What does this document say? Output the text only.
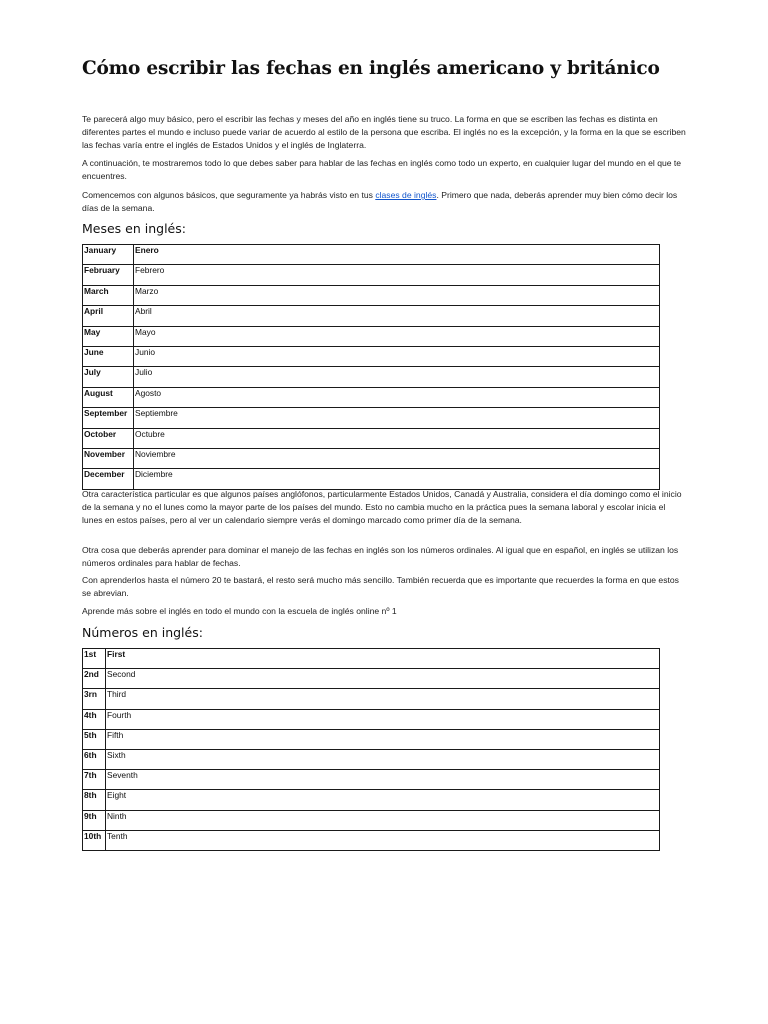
Cómo escribir las fechas en inglés americano y británico

Te parecerá algo muy básico, pero el escribir las fechas y meses del año en inglés tiene su truco. La forma en que se escriben las fechas es distinta en diferentes partes el mundo e incluso puede variar de acuerdo al estilo de la persona que escriba. El inglés no es la excepción, y la forma en la que se escriben las fechas varía entre el inglés de Estados Unidos y el inglés de Inglaterra.

A continuación, te mostraremos todo lo que debes saber para hablar de las fechas en inglés como todo un experto, en cualquier lugar del mundo en el que te encuentres.

Comencemos con algunos básicos, que seguramente ya habrás visto en tus clases de inglés. Primero que nada, deberás aprender muy bien cómo decir los días de la semana.

Meses en inglés:
January	Enero
February	Febrero
March	Marzo
April	Abril
May	Mayo
June	Junio
July	Julio
August	Agosto
September	Septiembre
October	Octubre
November	Noviembre
December	Diciembre

Otra característica particular es que algunos países anglófonos, particularmente Estados Unidos, Canadá y Australia, considera el día domingo como el inicio de la semana y no el lunes como la mayor parte de los países del mundo. Esto no cambia mucho en la práctica pues la semana laboral y escolar inicia el lunes en estos países, pero al ver un calendario siempre verás el domingo marcado como primer día de la semana.

Otra cosa que deberás aprender para dominar el manejo de las fechas en inglés son los números ordinales. Al igual que en español, en inglés se utilizan los números ordinales para hablar de fechas.

Con aprenderlos hasta el número 20 te bastará, el resto será mucho más sencillo. También recuerda que es importante que recuerdes la forma en que estos se abrevian.

Aprende más sobre el inglés en todo el mundo con la escuela de inglés online nº 1

Números en inglés:
1st	First
2nd	Second
3rn	Third
4th	Fourth
5th	Fifth
6th	Sixth
7th	Seventh
8th	Eight
9th	Ninth
10th	Tenth
